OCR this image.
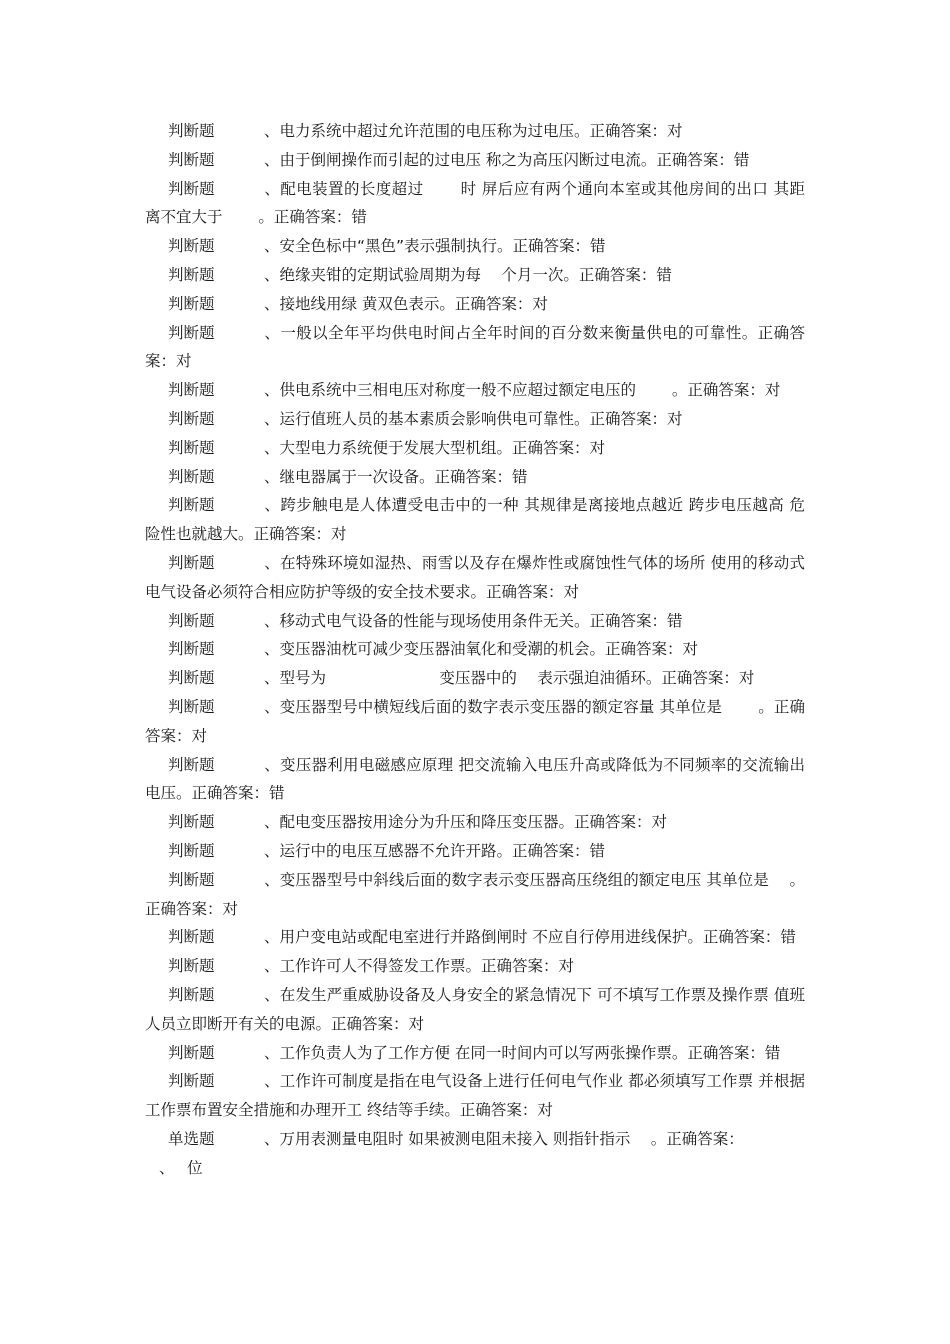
判断题	、电力系统中超过允许范围的电压称为过电压。正确答案：对

判断题	、由于倒闸操作而引起的过电压 称之为高压闪断过电流。正确答案：错

判断题	、配电装置的长度超过　　 时 屏后应有两个通向本室或其他房间的出口 其距离不宜大于　　 。正确答案：错

判断题	、安全色标中“黑色”表示强制执行。正确答案：错

判断题	、绝缘夹钳的定期试验周期为每　 个月一次。正确答案：错

判断题	、接地线用绿 黄双色表示。正确答案：对

判断题	、一般以全年平均供电时间占全年时间的百分数来衡量供电的可靠性。正确答案：对

判断题	、供电系统中三相电压对称度一般不应超过额定电压的　　 。正确答案：对

判断题	、运行值班人员的基本素质会影响供电可靠性。正确答案：对

判断题	、大型电力系统便于发展大型机组。正确答案：对

判断题	、继电器属于一次设备。正确答案：错

判断题	、跨步触电是人体遭受电击中的一种 其规律是离接地点越近 跨步电压越高 危险性也就越大。正确答案：对

判断题	、在特殊环境如湿热、雨雪以及存在爆炸性或腐蚀性气体的场所 使用的移动式电气设备必须符合相应防护等级的安全技术要求。正确答案：对

判断题	、移动式电气设备的性能与现场使用条件无关。正确答案：错

判断题	、变压器油枕可减少变压器油氧化和受潮的机会。正确答案：对

判断题	、型号为　　　　　　　 变压器中的　 表示强迫油循环。正确答案：对

判断题	、变压器型号中横短线后面的数字表示变压器的额定容量 其单位是　　 。正确答案：对

判断题	、变压器利用电磁感应原理 把交流输入电压升高或降低为不同频率的交流输出电压。正确答案：错

判断题	、配电变压器按用途分为升压和降压变压器。正确答案：对

判断题	、运行中的电压互感器不允许开路。正确答案：错

判断题	、变压器型号中斜线后面的数字表示变压器高压绕组的额定电压 其单位是　 。正确答案：对

判断题	、用户变电站或配电室进行并路倒闸时 不应自行停用进线保护。正确答案：错

判断题	、工作许可人不得签发工作票。正确答案：对

判断题	、在发生严重威胁设备及人身安全的紧急情况下 可不填写工作票及操作票 值班人员立即断开有关的电源。正确答案：对

判断题	、工作负责人为了工作方便 在同一时间内可以写两张操作票。正确答案：错

判断题	、工作许可制度是指在电气设备上进行任何电气作业 都必须填写工作票 并根据工作票布置安全措施和办理开工 终结等手续。正确答案：对

单选题	、万用表测量电阻时 如果被测电阻未接入 则指针指示　 。正确答案：

、　 位
